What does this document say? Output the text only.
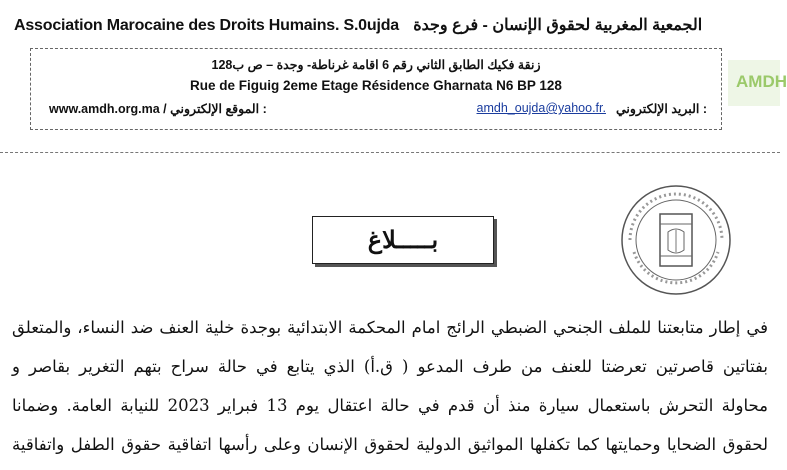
Association Marocaine des Droits Humains. S.0ujda الجمعية المغربية لحقوق الإنسان - فرع وجدة
زنقة فكيك الطابق الثاني رقم 6 اقامة غرناطة- وجدة – ص ب128
Rue de Figuig 2eme Etage Résidence Gharnata N6 BP 128
www.amdh.org.ma / الموقع الإلكتروني :	amdh_oujda@yahoo.fr. البريد الإلكتروني :
AMDH
بـــــلاغ

في إطار متابعتنا للملف الجنحي الضبطي الرائج امام المحكمة الابتدائية بوجدة خلية العنف ضد النساء، والمتعلق

بفتاتين قاصرتين تعرضتا للعنف من طرف المدعو ( ق.أ) الذي يتابع في حالة سراح بتهم التغرير بقاصر و

محاولة التحرش باستعمال سيارة منذ أن قدم في حالة اعتقال يوم 13 فبراير 2023 للنيابة العامة. وضمانا

لحقوق الضحايا وحمايتها كما تكفلها المواثيق الدولية لحقوق الإنسان وعلى رأسها اتفاقية حقوق الطفل واتفاقية
